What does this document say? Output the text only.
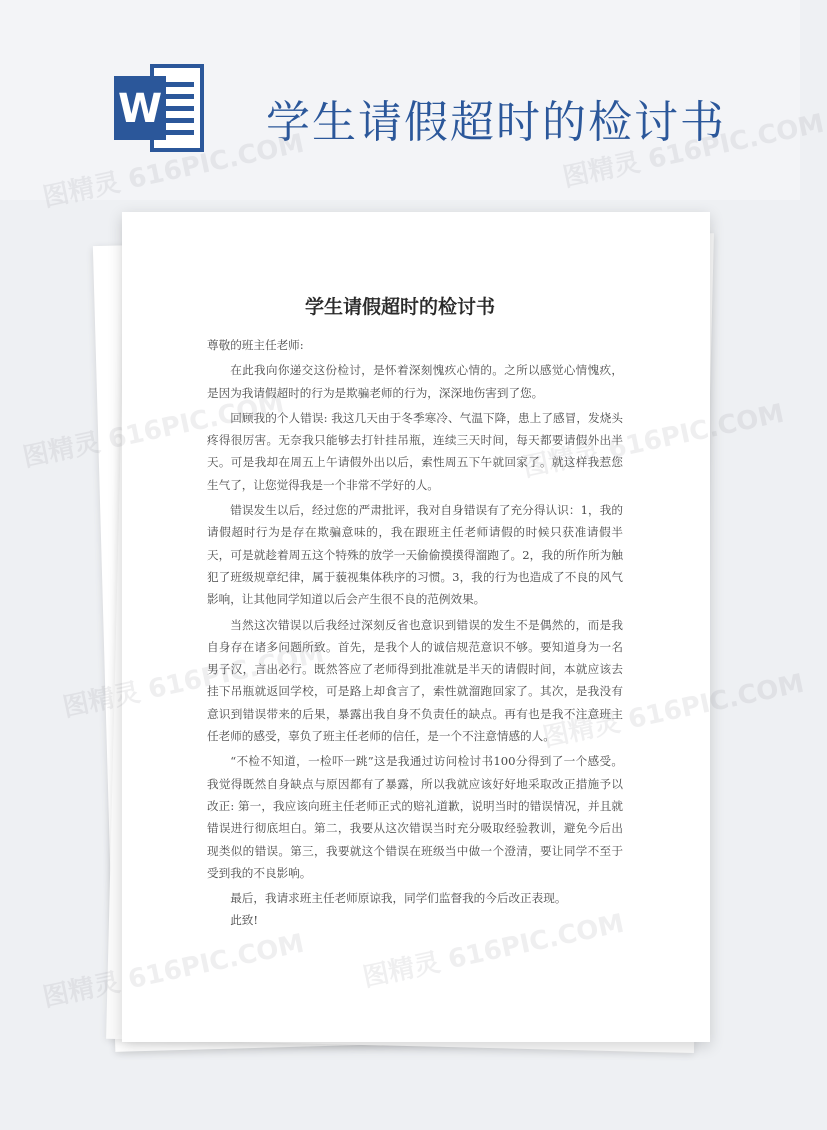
W 学生请假超时的检讨书
学生请假超时的检讨书

尊敬的班主任老师:

在此我向你递交这份检讨，是怀着深刻愧疚心情的。之所以感觉心情愧疚，是因为我请假超时的行为是欺骗老师的行为，深深地伤害到了您。

回顾我的个人错误: 我这几天由于冬季寒冷、气温下降，患上了感冒，发烧头疼得很厉害。无奈我只能够去打针挂吊瓶，连续三天时间，每天都要请假外出半天。可是我却在周五上午请假外出以后，索性周五下午就回家了。就这样我惹您生气了，让您觉得我是一个非常不学好的人。

错误发生以后，经过您的严肃批评，我对自身错误有了充分得认识：1，我的请假超时行为是存在欺骗意味的，我在跟班主任老师请假的时候只获准请假半天，可是就趁着周五这个特殊的放学一天偷偷摸摸得溜跑了。2，我的所作所为触犯了班级规章纪律，属于藐视集体秩序的习惯。3，我的行为也造成了不良的风气影响，让其他同学知道以后会产生很不良的范例效果。

当然这次错误以后我经过深刻反省也意识到错误的发生不是偶然的，而是我自身存在诸多问题所致。首先，是我个人的诚信规范意识不够。要知道身为一名男子汉，言出必行。既然答应了老师得到批准就是半天的请假时间，本就应该去挂下吊瓶就返回学校，可是路上却食言了，索性就溜跑回家了。其次，是我没有意识到错误带来的后果，暴露出我自身不负责任的缺点。再有也是我不注意班主任老师的感受，辜负了班主任老师的信任，是一个不注意情感的人。

“不检不知道，一检吓一跳”这是我通过访问检讨书100分得到了一个感受。我觉得既然自身缺点与原因都有了暴露，所以我就应该好好地采取改正措施予以改正: 第一，我应该向班主任老师正式的赔礼道歉，说明当时的错误情况，并且就错误进行彻底坦白。第二，我要从这次错误当时充分吸取经验教训，避免今后出现类似的错误。第三，我要就这个错误在班级当中做一个澄清，要让同学不至于受到我的不良影响。

最后，我请求班主任老师原谅我，同学们监督我的今后改正表现。

此致!

图精灵
图精灵	616PIC.COM
图精灵
